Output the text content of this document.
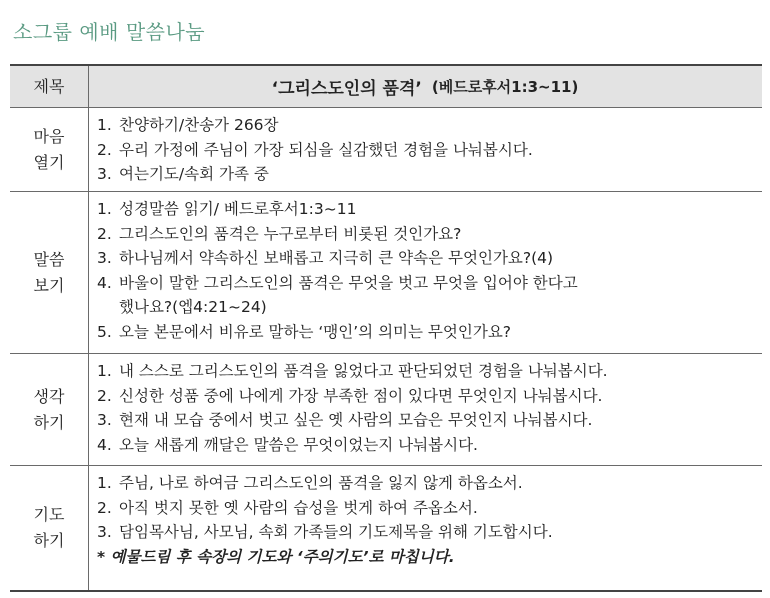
소그룹 예배 말씀나눔
제목	‘그리스도인의 품격’ (베드로후서1:3~11)
마음
열기
1. 찬양하기/찬송가 266장
2. 우리 가정에 주님이 가장 되심을 실감했던 경험을 나눠봅시다.
3. 여는기도/속회 가족 중
말씀
보기
1. 성경말씀 읽기/ 베드로후서1:3~11
2. 그리스도인의 품격은 누구로부터 비롯된 것인가요?
3. 하나님께서 약속하신 보배롭고 지극히 큰 약속은 무엇인가요?(4)
4. 바울이 말한 그리스도인의 품격은 무엇을 벗고 무엇을 입어야 한다고
했나요?(엡4:21~24)
5. 오늘 본문에서 비유로 말하는 ‘맹인’의 의미는 무엇인가요?
생각
하기
1. 내 스스로 그리스도인의 품격을 잃었다고 판단되었던 경험을 나눠봅시다.
2. 신성한 성품 중에 나에게 가장 부족한 점이 있다면 무엇인지 나눠봅시다.
3. 현재 내 모습 중에서 벗고 싶은 옛 사람의 모습은 무엇인지 나눠봅시다.
4. 오늘 새롭게 깨달은 말씀은 무엇이었는지 나눠봅시다.
기도
하기
1. 주님, 나로 하여금 그리스도인의 품격을 잃지 않게 하옵소서.
2. 아직 벗지 못한 옛 사람의 습성을 벗게 하여 주옵소서.
3. 담임목사님, 사모님, 속회 가족들의 기도제목을 위해 기도합시다.
* 예물드림 후 속장의 기도와 ‘주의기도’로 마칩니다.
